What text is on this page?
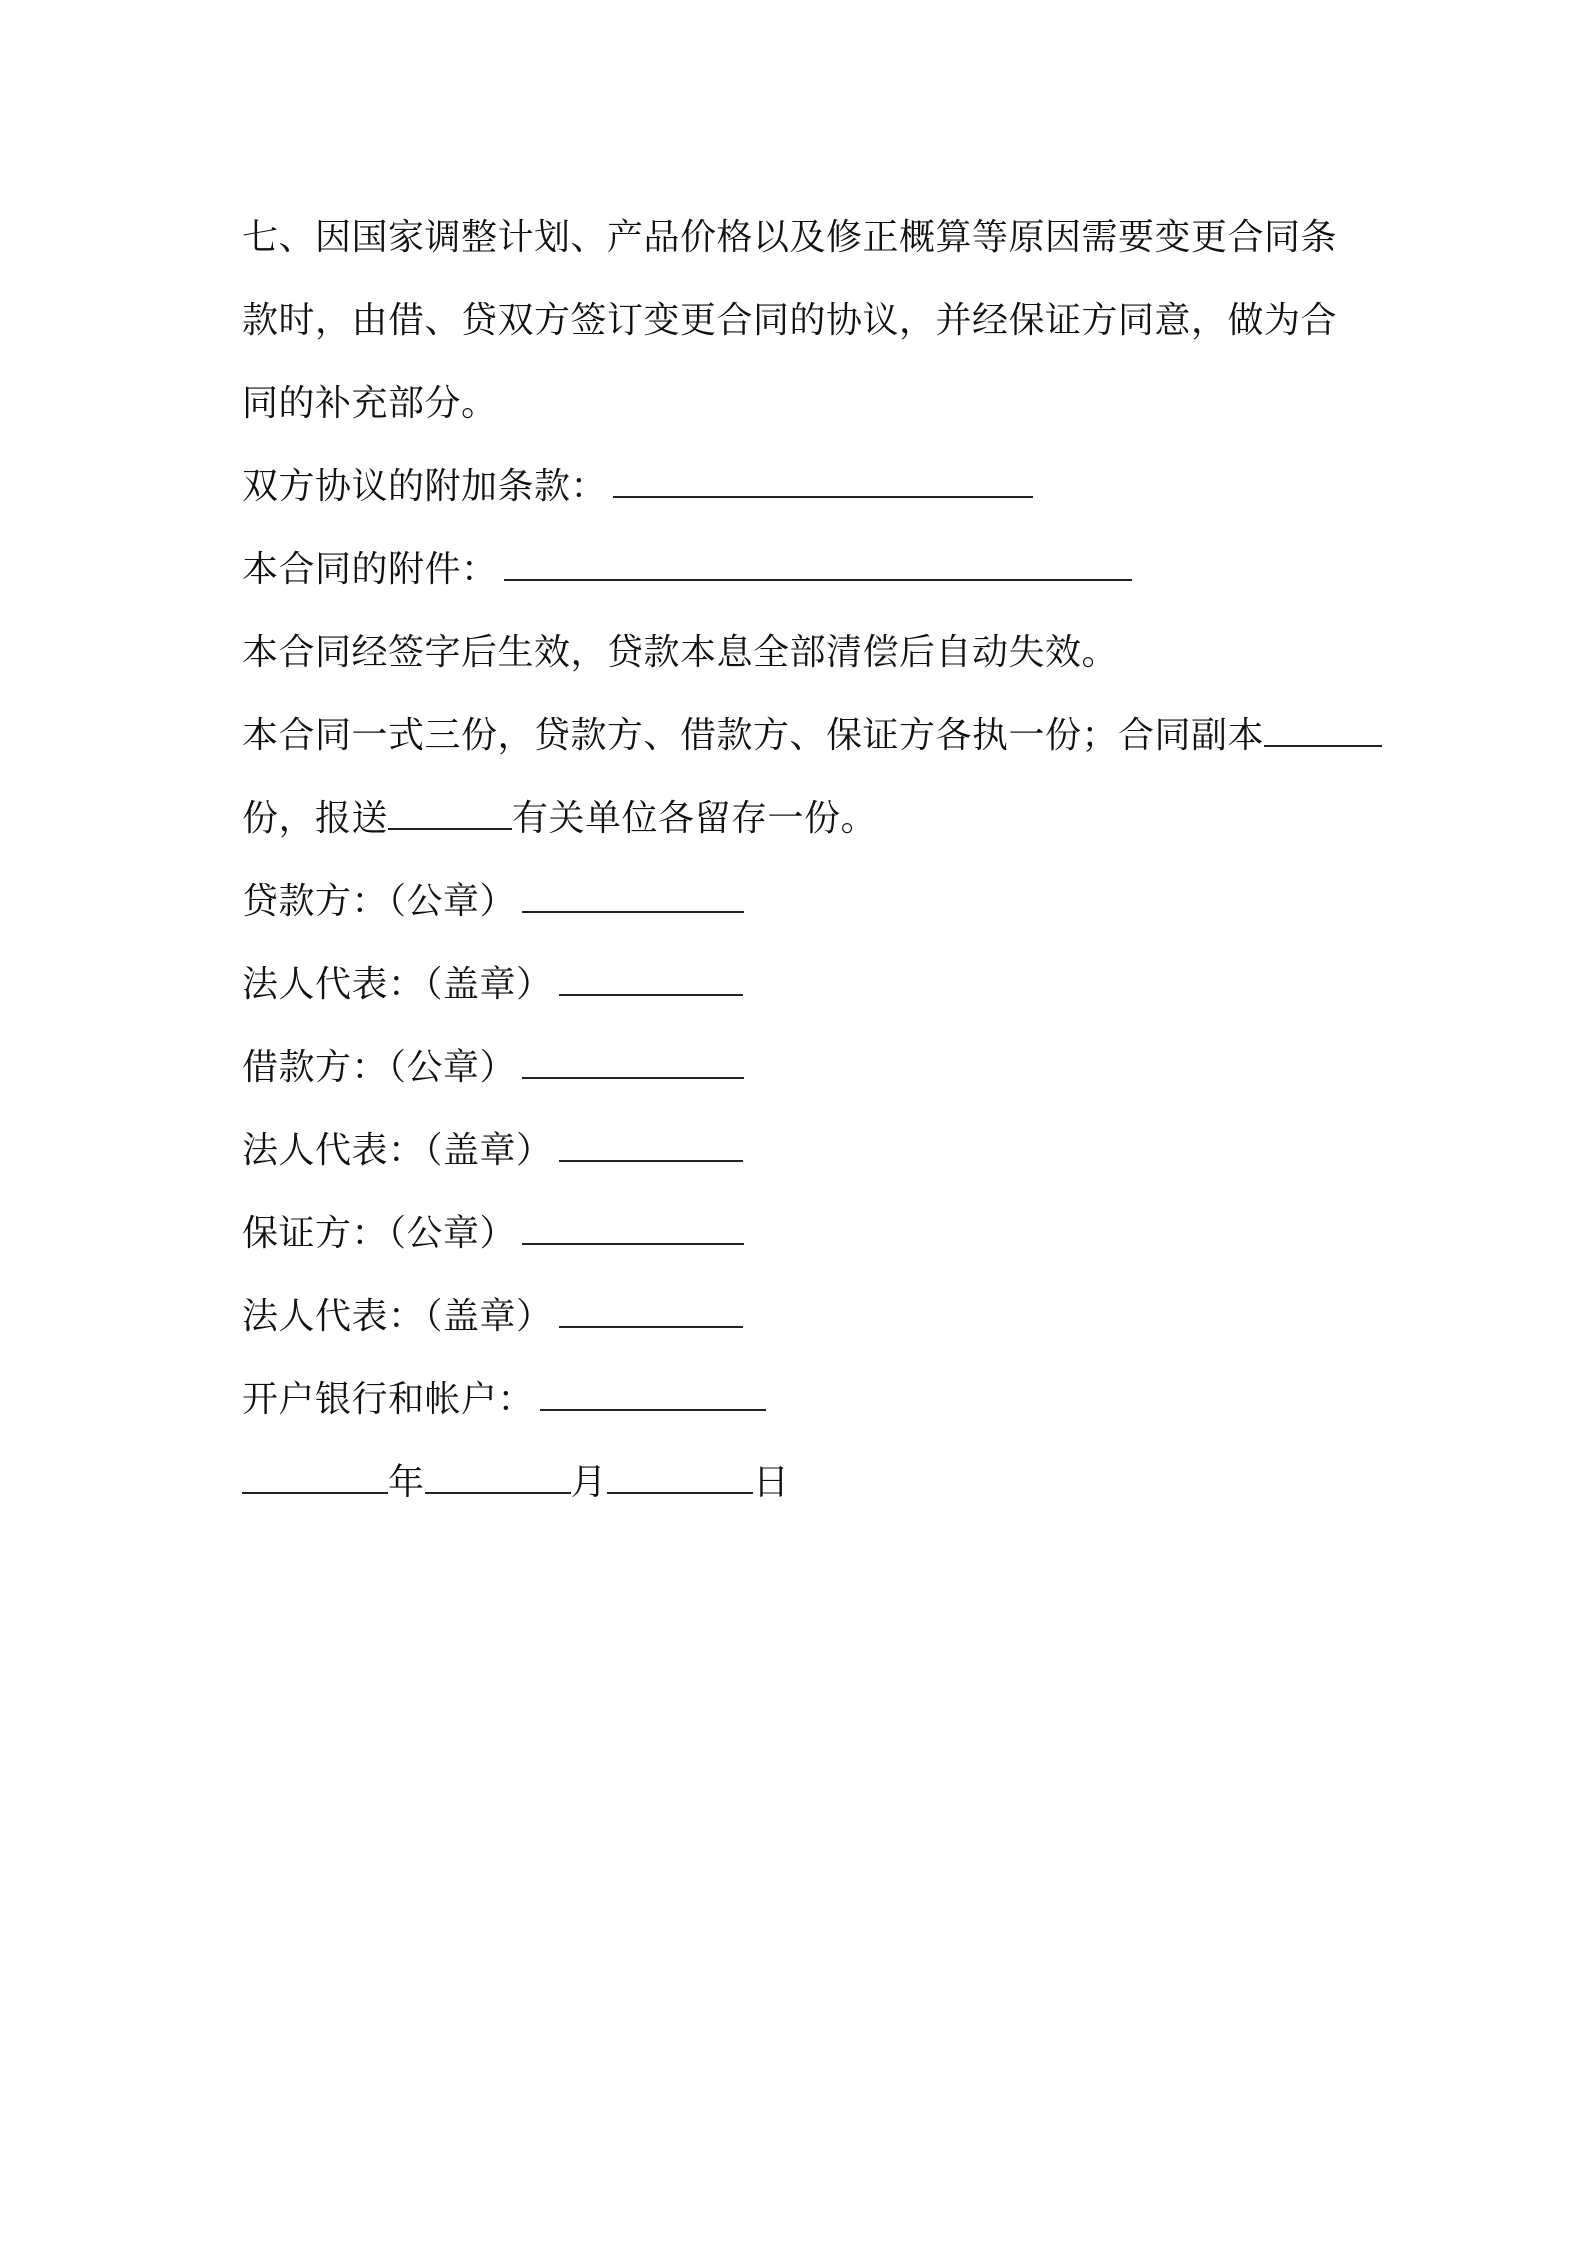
七、因国家调整计划、产品价格以及修正概算等原因需要变更合同条
款时，由借、贷双方签订变更合同的协议，并经保证方同意，做为合
同的补充部分。
双方协议的附加条款：
本合同的附件：
本合同经签字后生效，贷款本息全部清偿后自动失效。
本合同一式三份，贷款方、借款方、保证方各执一份；合同副本
份，报送	有关单位各留存一份。
贷款方：（公章）
法人代表：（盖章）
借款方：（公章）
法人代表：（盖章）
保证方：（公章）
法人代表：（盖章）
开户银行和帐户：
年	月	日
